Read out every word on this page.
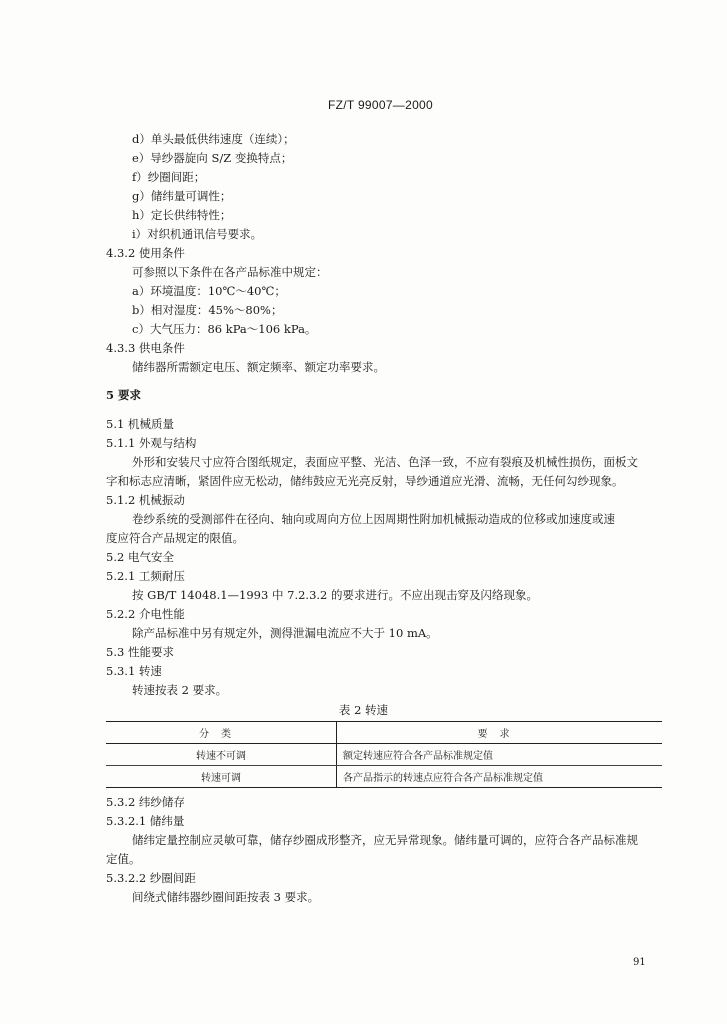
FZ/T 99007—2000
d）单头最低供纬速度（连续）；
e）导纱器旋向 S/Z 变换特点；
f）纱圈间距；
g）储纬量可调性；
h）定长供纬特性；
i）对织机通讯信号要求。
4.3.2 使用条件
可参照以下条件在各产品标准中规定：
a）环境温度：10℃～40℃；
b）相对湿度：45%～80%；
c）大气压力：86 kPa～106 kPa。
4.3.3 供电条件
储纬器所需额定电压、额定频率、额定功率要求。
5 要求
5.1 机械质量
5.1.1 外观与结构
外形和安装尺寸应符合图纸规定，表面应平整、光洁、色泽一致，不应有裂痕及机械性损伤，面板文
字和标志应清晰，紧固件应无松动，储纬鼓应无光亮反射，导纱通道应光滑、流畅，无任何勾纱现象。
5.1.2 机械振动
卷纱系统的受测部件在径向、轴向或周向方位上因周期性附加机械振动造成的位移或加速度或速
度应符合产品规定的限值。
5.2 电气安全
5.2.1 工频耐压
按 GB/T 14048.1—1993 中 7.2.3.2 的要求进行。不应出现击穿及闪络现象。
5.2.2 介电性能
除产品标准中另有规定外，测得泄漏电流应不大于 10 mA。
5.3 性能要求
5.3.1 转速
转速按表 2 要求。
表 2 转速
分类	要求
转速不可调	额定转速应符合各产品标准规定值
转速可调	各产品指示的转速点应符合各产品标准规定值
5.3.2 纬纱储存
5.3.2.1 储纬量
储纬定量控制应灵敏可靠，储存纱圈成形整齐，应无异常现象。储纬量可调的，应符合各产品标准规
定值。
5.3.2.2 纱圈间距
间绕式储纬器纱圈间距按表 3 要求。
91
